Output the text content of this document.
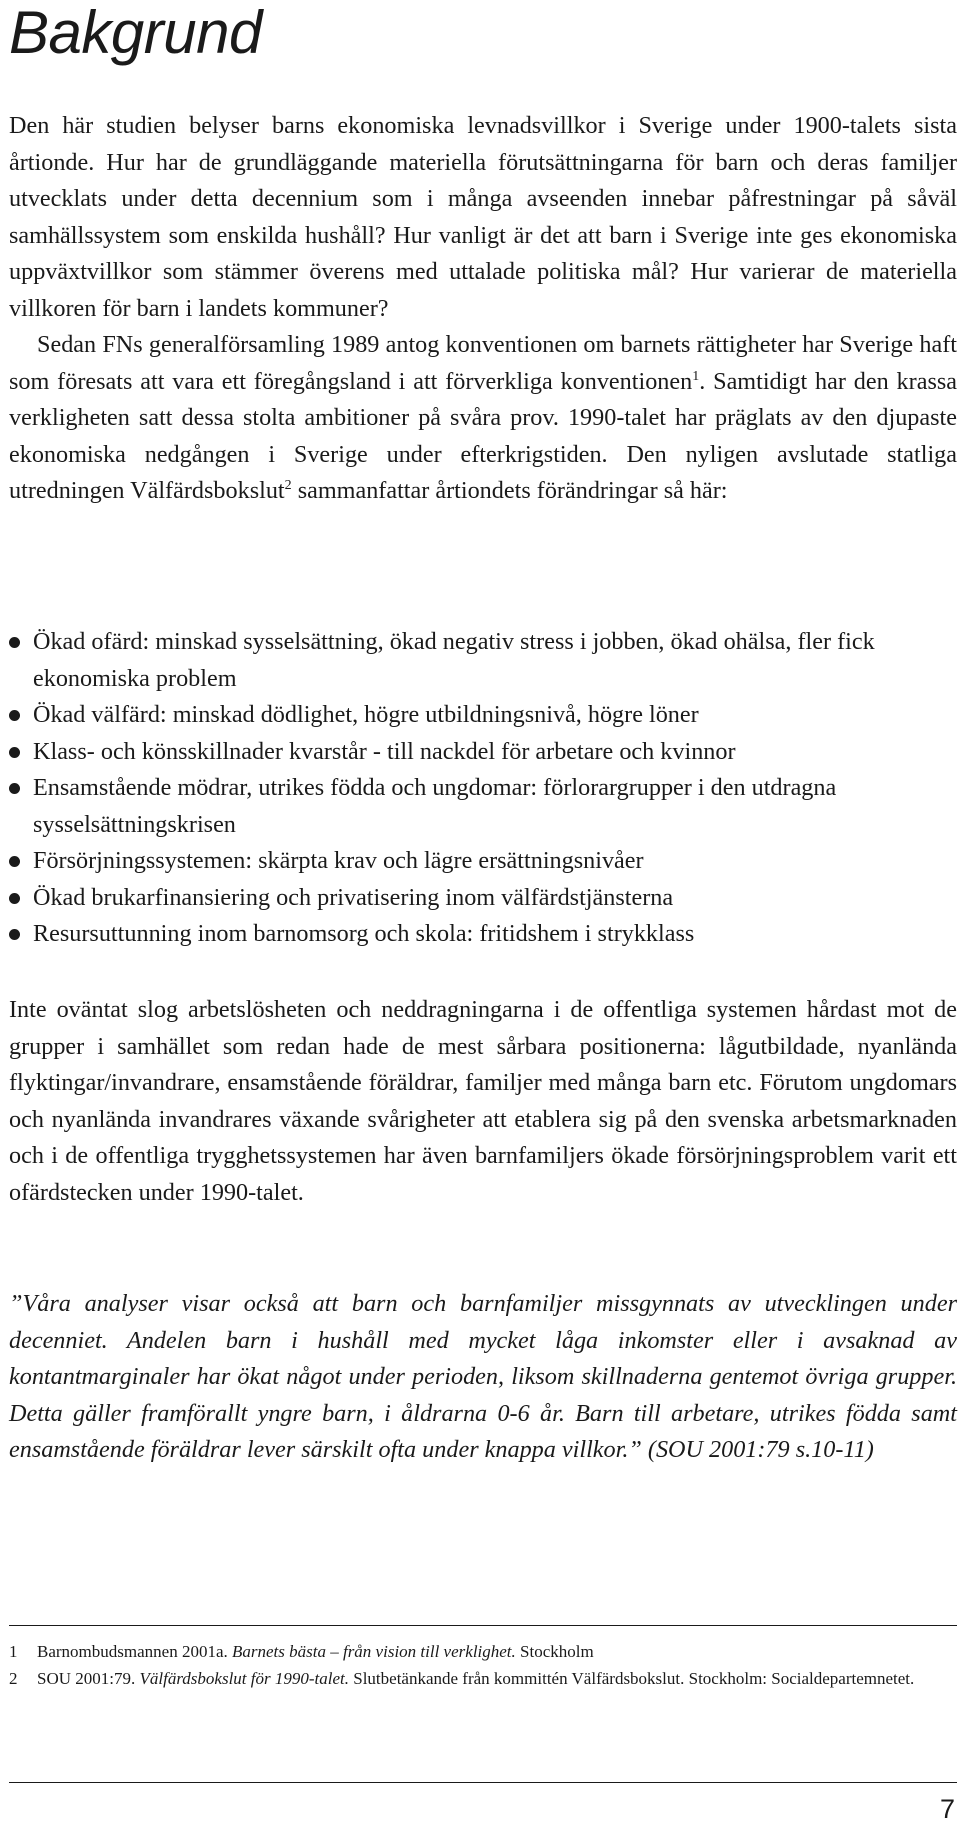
Bakgrund

Den här studien belyser barns ekonomiska levnadsvillkor i Sverige under 1900-talets sista årtionde. Hur har de grundläggande materiella förutsättningarna för barn och deras familjer utvecklats under detta decennium som i många avseenden innebar påfrestningar på såväl samhällssystem som enskilda hushåll? Hur vanligt är det att barn i Sverige inte ges ekonomiska uppväxtvillkor som stämmer överens med uttalade politiska mål? Hur varierar de materiella villkoren för barn i landets kommuner?

Sedan FNs generalförsamling 1989 antog konventionen om barnets rättigheter har Sverige haft som föresats att vara ett föregångsland i att förverkliga konventionen$^1$. Samtidigt har den krassa verkligheten satt dessa stolta ambitioner på svåra prov. 1990-talet har präglats av den djupaste ekonomiska nedgången i Sverige under efterkrigstiden. Den nyligen avslutade statliga utredningen Välfärdsbokslut$^2$ sammanfattar årtiondets förändringar så här:

Ökad ofärd: minskad sysselsättning, ökad negativ stress i jobben, ökad ohälsa, fler fick ekonomiska problem
Ökad välfärd: minskad dödlighet, högre utbildningsnivå, högre löner
Klass- och könsskillnader kvarstår - till nackdel för arbetare och kvinnor
Ensamstående mödrar, utrikes födda och ungdomar: förlorargrupper i den utdragna sysselsättningskrisen
Försörjningssystemen: skärpta krav och lägre ersättningsnivåer
Ökad brukarfinansiering och privatisering inom välfärdstjänsterna
Resursuttunning inom barnomsorg och skola: fritidshem i strykklass

Inte oväntat slog arbetslösheten och neddragningarna i de offentliga systemen hårdast mot de grupper i samhället som redan hade de mest sårbara positionerna: lågutbildade, nyanlända flyktingar/invandrare, ensamstående föräldrar, familjer med många barn etc. Förutom ungdomars och nyanlända invandrares växande svårigheter att etablera sig på den svenska arbetsmarknaden och i de offentliga trygghetssystemen har även barnfamiljers ökade försörjningsproblem varit ett ofärdstecken under 1990-talet.

”Våra analyser visar också att barn och barnfamiljer missgynnats av utvecklingen under decenniet. Andelen barn i hushåll med mycket låga inkomster eller i avsaknad av kontantmarginaler har ökat något under perioden, liksom skillnaderna gentemot övriga grupper. Detta gäller framförallt yngre barn, i åldrarna 0-6 år. Barn till arbetare, utrikes födda samt ensamstående föräldrar lever särskilt ofta under knappa villkor.” (SOU 2001:79 s.10-11)

1 Barnombudsmannen 2001a. Barnets bästa – från vision till verklighet. Stockholm
2 SOU 2001:79. Välfärdsbokslut för 1990-talet. Slutbetänkande från kommittén Välfärdsbokslut. Stockholm: Socialdepartemnetet.
7
